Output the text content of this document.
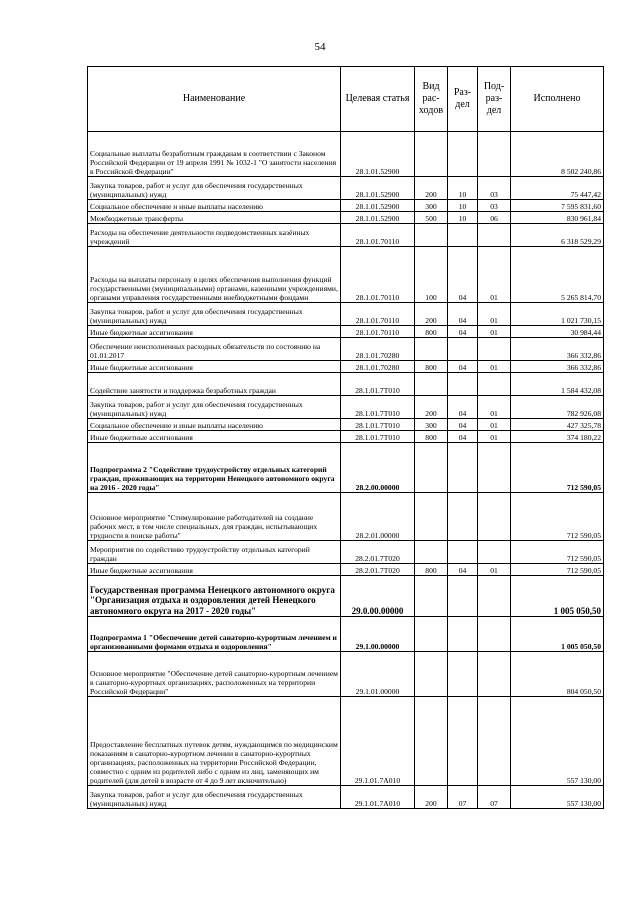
54
Наименование	Целевая статья	Вид рас-ходов	Раз-дел	Под-раз-дел	Исполнено
Социальные выплаты безработным гражданам в соответствии с Законом Российской Федерации от 19 апреля 1991 № 1032-1 "О занятости населения в Российской Федерации"	28.1.01.52900				8 502 240,86
Закупка товаров, работ и услуг для обеспечения государственных (муниципальных) нужд	28.1.01.52900	200	10	03	75 447,42
Социальное обеспечение и иные выплаты населению	28.1.01.52900	300	10	03	7 595 831,60
Межбюджетные трансферты	28.1.01.52900	500	10	06	830 961,84
Расходы на обеспечение деятельности подведомственных казённых учреждений	28.1.01.70110				6 318 529,29
Расходы на выплаты персоналу в целях обеспечения выполнения функций государственными (муниципальными) органами, казенными учреждениями, органами управления государственными внебюджетными фондами	28.1.01.70110	100	04	01	5 265 814,70
Закупка товаров, работ и услуг для обеспечения государственных (муниципальных) нужд	28.1.01.70110	200	04	01	1 021 730,15
Иные бюджетные ассигнования	28.1.01.70110	800	04	01	30 984,44
Обеспечение неисполненных расходных обязательств по состоянию на 01.01.2017	28.1.01.70280				366 332,86
Иные бюджетные ассигнования	28.1.01.70280	800	04	01	366 332,86
Содействие занятости и поддержка безработных граждан	28.1.01.7T010				1 584 432,08
Закупка товаров, работ и услуг для обеспечения государственных (муниципальных) нужд	28.1.01.7T010	200	04	01	782 926,08
Социальное обеспечение и иные выплаты населению	28.1.01.7T010	300	04	01	427 325,78
Иные бюджетные ассигнования	28.1.01.7T010	800	04	01	374 180,22
Подпрограмма 2 "Содействие трудоустройству отдельных категорий граждан, проживающих на территории Ненецкого автономного округа на 2016 - 2020 годы"	28.2.00.00000				712 590,05
Основное мероприятие "Стимулирование работодателей на создание рабочих мест, в том числе специальных, для граждан, испытывающих трудности в поиске работы"	28.2.01.00000				712 590,05
Мероприятия по содействию трудоустройству отдельных категорий граждан	28.2.01.7T020				712 590,05
Иные бюджетные ассигнования	28.2.01.7T020	800	04	01	712 590,05
Государственная программа Ненецкого автономного округа "Организация отдыха и оздоровления детей Ненецкого автономного округа на 2017 - 2020 годы"	29.0.00.00000				1 005 050,50
Подпрограмма 1 "Обеспечение детей санаторно-курортным лечением и организованными формами отдыха и оздоровления"	29.1.00.00000				1 005 050,50
Основное мероприятие "Обеспечение детей санаторно-курортным лечением в санаторно-курортных организациях, расположенных на территории Российской Федерации"	29.1.01.00000				804 050,50
Предоставление бесплатных путевок детям, нуждающимся по медицинским показаниям в санаторно-курортном лечении в санаторно-курортных организациях, расположенных на территории Российской Федерации, совместно с одним из родителей либо с одним из лиц, заменяющих им родителей (для детей в возрасте от 4 до 9 лет включительно)	29.1.01.7А010				557 130,00
Закупка товаров, работ и услуг для обеспечения государственных (муниципальных) нужд	29.1.01.7А010	200	07	07	557 130,00
